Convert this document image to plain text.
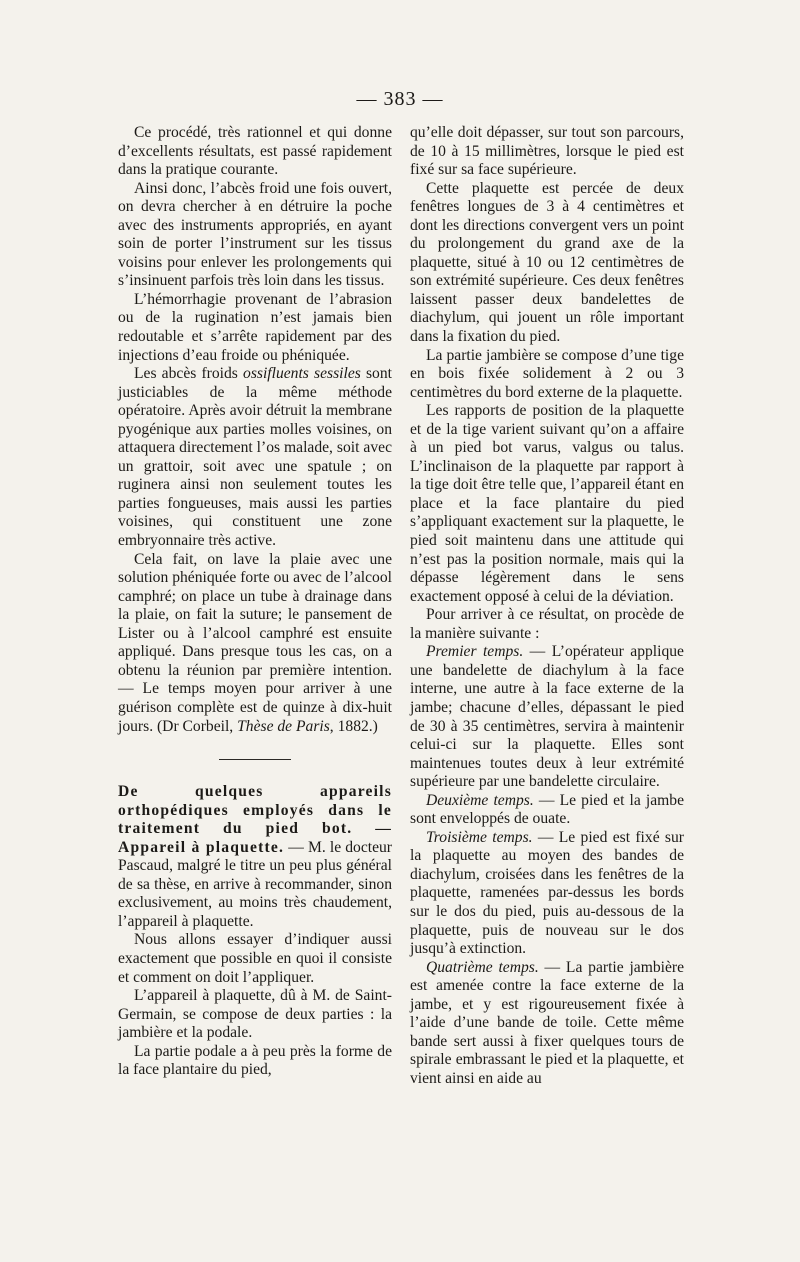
— 383 —

Ce procédé, très rationnel et qui donne d’excellents résultats, est passé rapidement dans la pratique courante.

Ainsi donc, l’abcès froid une fois ouvert, on devra chercher à en détruire la poche avec des instruments appropriés, en ayant soin de porter l’instrument sur les tissus voisins pour enlever les prolongements qui s’insinuent parfois très loin dans les tissus.

L’hémorrhagie provenant de l’abrasion ou de la rugination n’est jamais bien redoutable et s’arrête rapidement par des injections d’eau froide ou phéniquée.

Les abcès froids ossifluents sessiles sont justiciables de la même méthode opératoire. Après avoir détruit la membrane pyogénique aux parties molles voisines, on attaquera directement l’os malade, soit avec un grattoir, soit avec une spatule ; on ruginera ainsi non seulement toutes les parties fongueuses, mais aussi les parties voisines, qui constituent une zone embryonnaire très active.

Cela fait, on lave la plaie avec une solution phéniquée forte ou avec de l’alcool camphré; on place un tube à drainage dans la plaie, on fait la suture; le pansement de Lister ou à l’alcool camphré est ensuite appliqué. Dans presque tous les cas, on a obtenu la réunion par première intention. — Le temps moyen pour arriver à une guérison complète est de quinze à dix-huit jours. (Dr Corbeil, Thèse de Paris, 1882.)

De quelques appareils orthopédiques employés dans le traitement du pied bot. — Appareil à plaquette. — M. le docteur Pascaud, malgré le titre un peu plus général de sa thèse, en arrive à recommander, sinon exclusivement, au moins très chaudement, l’appareil à plaquette.

Nous allons essayer d’indiquer aussi exactement que possible en quoi il consiste et comment on doit l’appliquer.

L’appareil à plaquette, dû à M. de Saint-Germain, se compose de deux parties : la jambière et la podale.

La partie podale a à peu près la forme de la face plantaire du pied,

qu’elle doit dépasser, sur tout son parcours, de 10 à 15 millimètres, lorsque le pied est fixé sur sa face supérieure.

Cette plaquette est percée de deux fenêtres longues de 3 à 4 centimètres et dont les directions convergent vers un point du prolongement du grand axe de la plaquette, situé à 10 ou 12 centimètres de son extrémité supérieure. Ces deux fenêtres laissent passer deux bandelettes de diachylum, qui jouent un rôle important dans la fixation du pied.

La partie jambière se compose d’une tige en bois fixée solidement à 2 ou 3 centimètres du bord externe de la plaquette.

Les rapports de position de la plaquette et de la tige varient suivant qu’on a affaire à un pied bot varus, valgus ou talus. L’inclinaison de la plaquette par rapport à la tige doit être telle que, l’appareil étant en place et la face plantaire du pied s’appliquant exactement sur la plaquette, le pied soit maintenu dans une attitude qui n’est pas la position normale, mais qui la dépasse légèrement dans le sens exactement opposé à celui de la déviation.

Pour arriver à ce résultat, on procède de la manière suivante :

Premier temps. — L’opérateur applique une bandelette de diachylum à la face interne, une autre à la face externe de la jambe; chacune d’elles, dépassant le pied de 30 à 35 centimètres, servira à maintenir celui-ci sur la plaquette. Elles sont maintenues toutes deux à leur extrémité supérieure par une bandelette circulaire.

Deuxième temps. — Le pied et la jambe sont enveloppés de ouate.

Troisième temps. — Le pied est fixé sur la plaquette au moyen des bandes de diachylum, croisées dans les fenêtres de la plaquette, ramenées par-dessus les bords sur le dos du pied, puis au-dessous de la plaquette, puis de nouveau sur le dos jusqu’à extinction.

Quatrième temps. — La partie jambière est amenée contre la face externe de la jambe, et y est rigoureusement fixée à l’aide d’une bande de toile. Cette même bande sert aussi à fixer quelques tours de spirale embrassant le pied et la plaquette, et vient ainsi en aide au
